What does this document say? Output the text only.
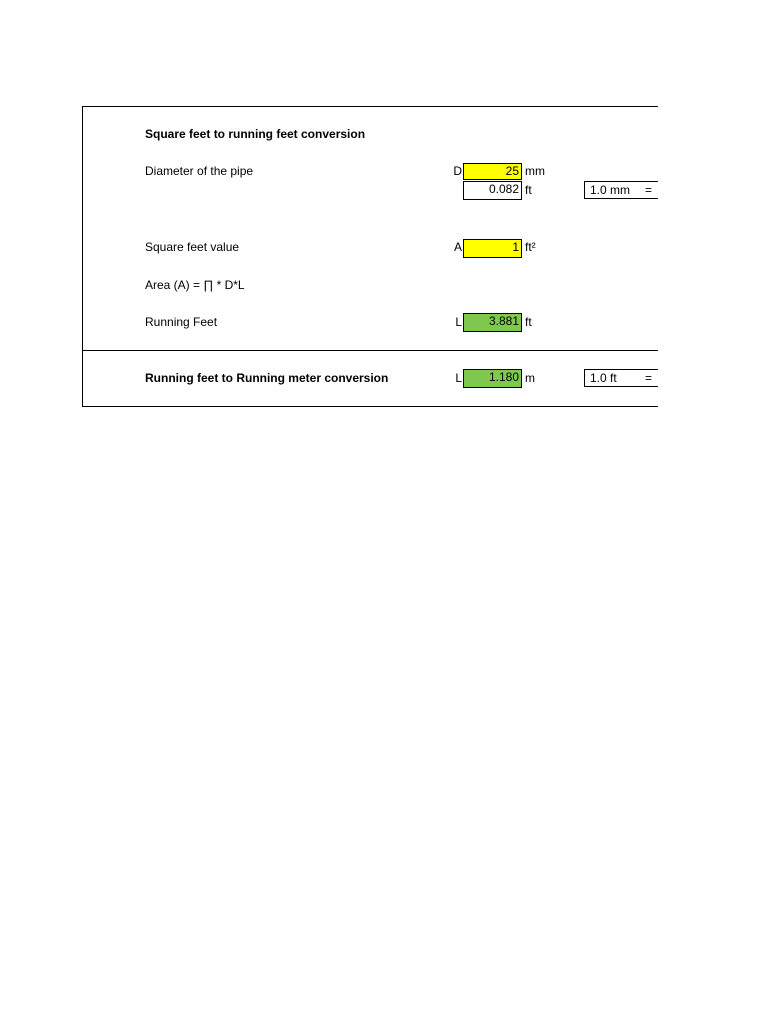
Square feet to running feet conversion
Diameter of the pipe	D	25 mm
0.082 ft	1.0 mm =
Square feet value	A	1 ft²
Area (A) = ∏ * D*L
Running Feet	L	3.881 ft
Running feet to Running meter conversion	L	1.180 m	1.0 ft =
